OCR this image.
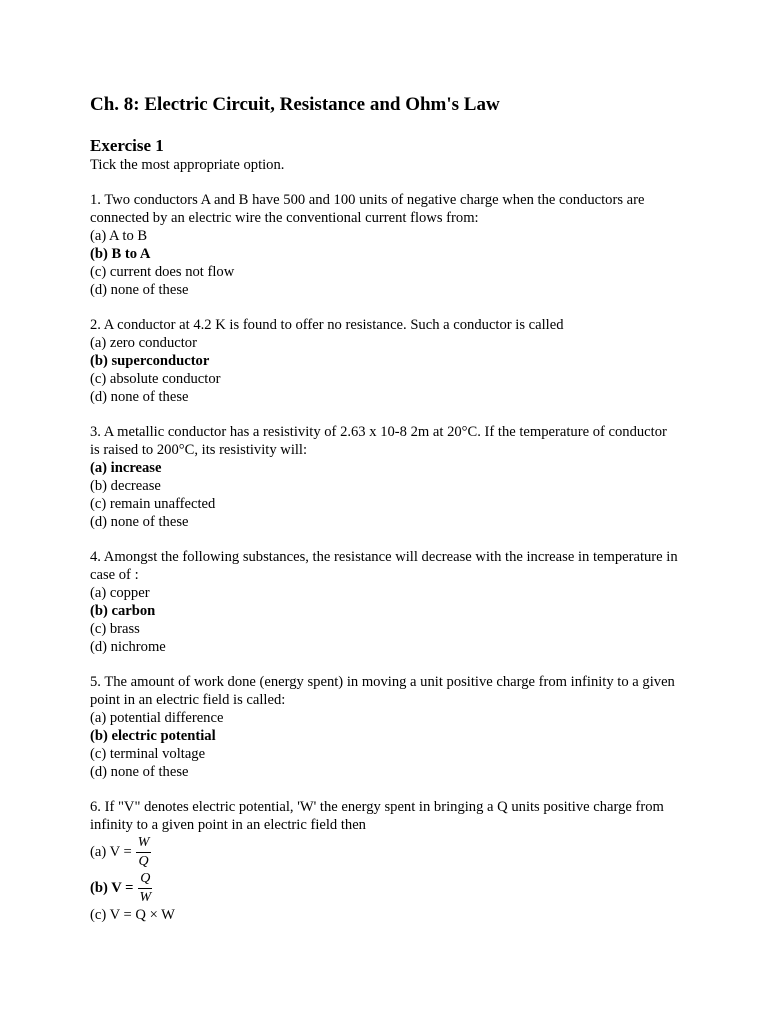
Ch. 8: Electric Circuit, Resistance and Ohm's Law
Exercise 1

Tick the most appropriate option.

1. Two conductors A and B have 500 and 100 units of negative charge when the conductors are connected by an electric wire the conventional current flows from:
(a) A to B
(b) B to A
(c) current does not flow
(d) none of these
2. A conductor at 4.2 K is found to offer no resistance. Such a conductor is called
(a) zero conductor
(b) superconductor
(c) absolute conductor
(d) none of these
3. A metallic conductor has a resistivity of 2.63 x 10-8 2m at 20°C. If the temperature of conductor is raised to 200°C, its resistivity will:
(a) increase
(b) decrease
(c) remain unaffected
(d) none of these
4. Amongst the following substances, the resistance will decrease with the increase in temperature in case of :
(a) copper
(b) carbon
(c) brass
(d) nichrome
5. The amount of work done (energy spent) in moving a unit positive charge from infinity to a given point in an electric field is called:
(a) potential difference
(b) electric potential
(c) terminal voltage
(d) none of these
6. If "V" denotes electric potential, 'W' the energy spent in bringing a Q units positive charge from infinity to a given point in an electric field then
(a) $V = \frac{W}{Q}$
(b) $V = \frac{Q}{W}$
(c) V = Q × W
